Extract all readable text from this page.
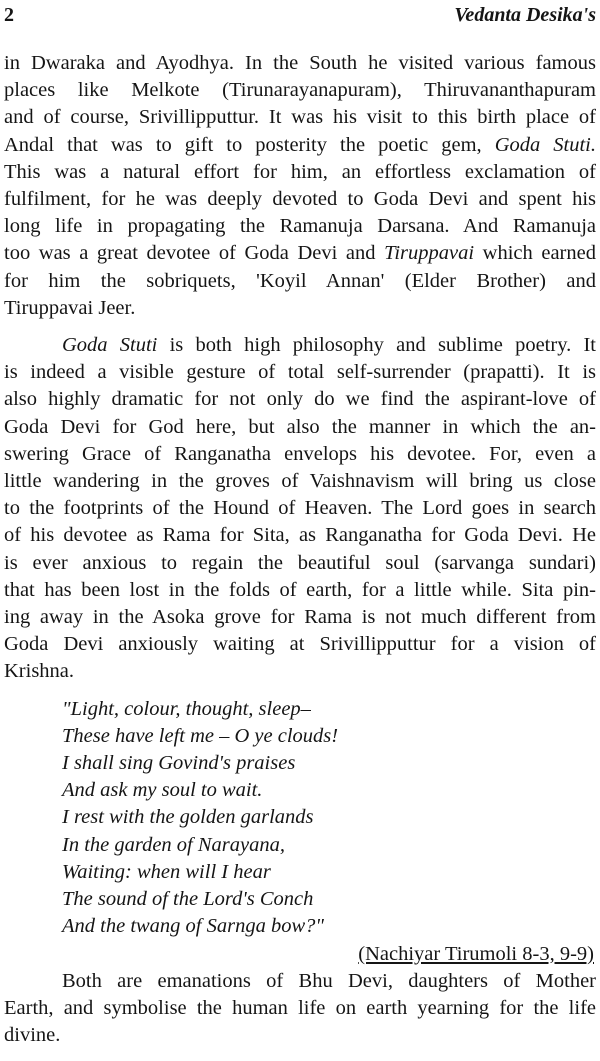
2	Vedanta Desika's
in Dwaraka and Ayodhya. In the South he visited various famous
places like Melkote (Tirunarayanapuram), Thiruvananthapuram
and of course, Srivillipputtur. It was his visit to this birth place of
Andal that was to gift to posterity the poetic gem, Goda Stuti.
This was a natural effort for him, an effortless exclamation of
fulfilment, for he was deeply devoted to Goda Devi and spent his
long life in propagating the Ramanuja Darsana. And Ramanuja
too was a great devotee of Goda Devi and Tiruppavai which earned
for him the sobriquets, 'Koyil Annan' (Elder Brother) and
Tiruppavai Jeer.
Goda Stuti is both high philosophy and sublime poetry. It
is indeed a visible gesture of total self-surrender (prapatti). It is
also highly dramatic for not only do we find the aspirant-love of
Goda Devi for God here, but also the manner in which the an-
swering Grace of Ranganatha envelops his devotee. For, even a
little wandering in the groves of Vaishnavism will bring us close
to the footprints of the Hound of Heaven. The Lord goes in search
of his devotee as Rama for Sita, as Ranganatha for Goda Devi. He
is ever anxious to regain the beautiful soul (sarvanga sundari)
that has been lost in the folds of earth, for a little while. Sita pin-
ing away in the Asoka grove for Rama is not much different from
Goda Devi anxiously waiting at Srivillipputtur for a vision of
Krishna.
"Light, colour, thought, sleep–
These have left me – O ye clouds!
I shall sing Govind's praises
And ask my soul to wait.
I rest with the golden garlands
In the garden of Narayana,
Waiting: when will I hear
The sound of the Lord's Conch
And the twang of Sarnga bow?"
(Nachiyar Tirumoli 8-3, 9-9)
Both are emanations of Bhu Devi, daughters of Mother
Earth, and symbolise the human life on earth yearning for the life
divine.
